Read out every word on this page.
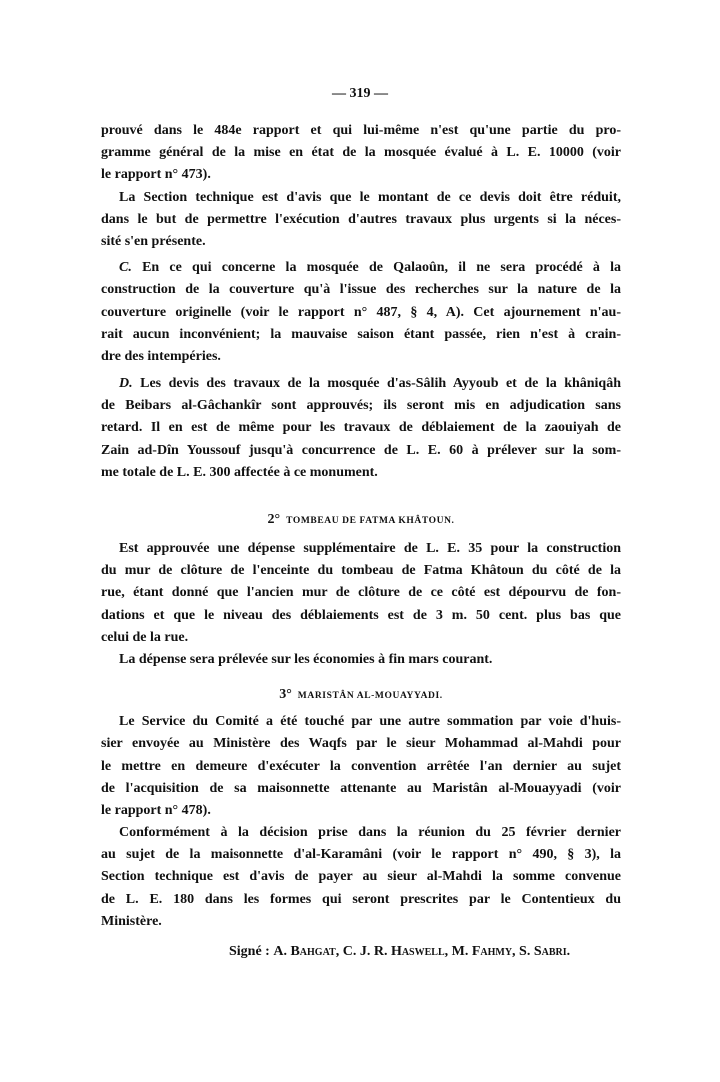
— 319 —
prouvé dans le 484e rapport et qui lui-même n'est qu'une partie du pro-
gramme général de la mise en état de la mosquée évalué à L. E. 10000 (voir
le rapport n° 473).
La Section technique est d'avis que le montant de ce devis doit être réduit,
dans le but de permettre l'exécution d'autres travaux plus urgents si la néces-
sité s'en présente.
C. En ce qui concerne la mosquée de Qalaoûn, il ne sera procédé à la
construction de la couverture qu'à l'issue des recherches sur la nature de la
couverture originelle (voir le rapport n° 487, § 4, A). Cet ajournement n'au-
rait aucun inconvénient; la mauvaise saison étant passée, rien n'est à crain-
dre des intempéries.
D. Les devis des travaux de la mosquée d'as-Sâlih Ayyoub et de la khâniqâh
de Beibars al-Gâchankîr sont approuvés; ils seront mis en adjudication sans
retard. Il en est de même pour les travaux de déblaiement de la zaouiyah de
Zain ad-Dîn Youssouf jusqu'à concurrence de L. E. 60 à prélever sur la som-
me totale de L. E. 300 affectée à ce monument.
2° TOMBEAU DE FATMA KHÂTOUN.
Est approuvée une dépense supplémentaire de L. E. 35 pour la construction
du mur de clôture de l'enceinte du tombeau de Fatma Khâtoun du côté de la
rue, étant donné que l'ancien mur de clôture de ce côté est dépourvu de fon-
dations et que le niveau des déblaiements est de 3 m. 50 cent. plus bas que
celui de la rue.
La dépense sera prélevée sur les économies à fin mars courant.
3° MARISTÂN AL-MOUAYYADI.
Le Service du Comité a été touché par une autre sommation par voie d'huis-
sier envoyée au Ministère des Waqfs par le sieur Mohammad al-Mahdi pour
le mettre en demeure d'exécuter la convention arrêtée l'an dernier au sujet
de l'acquisition de sa maisonnette attenante au Maristân al-Mouayyadi (voir
le rapport n° 478).
Conformément à la décision prise dans la réunion du 25 février dernier
au sujet de la maisonnette d'al-Karamâni (voir le rapport n° 490, § 3), la
Section technique est d'avis de payer au sieur al-Mahdi la somme convenue
de L. E. 180 dans les formes qui seront prescrites par le Contentieux du
Ministère.
Signé : A. Bahgat, C. J. R. Haswell, M. Fahmy, S. Sabri.
